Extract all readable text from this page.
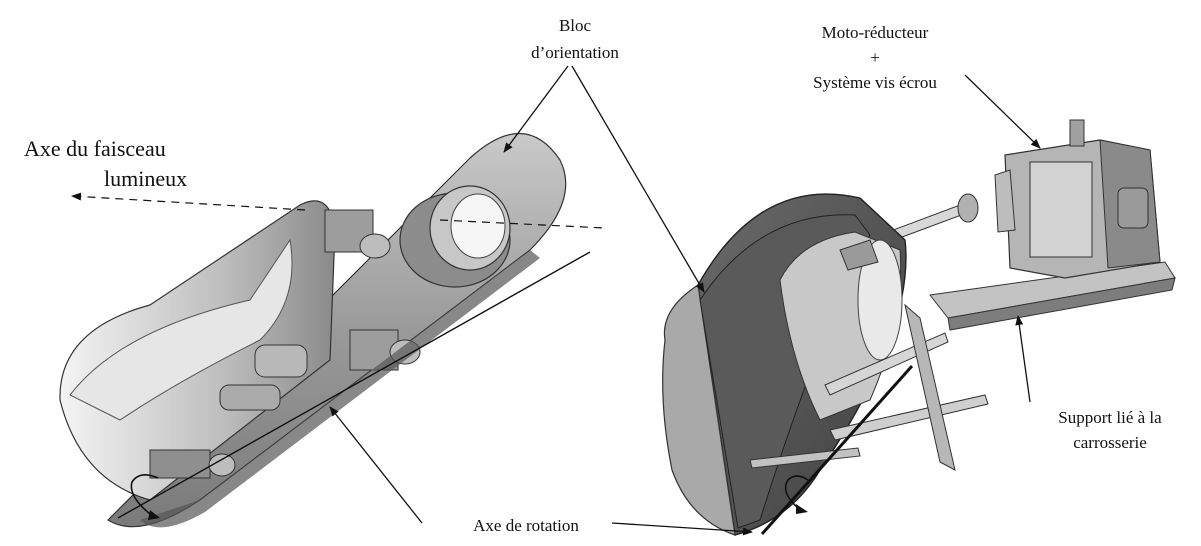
Bloc
d’orientation
Axe du faisceau
lumineux
Moto-réducteur
+
Système vis écrou
Support lié à la
carrosserie
Axe de rotation
